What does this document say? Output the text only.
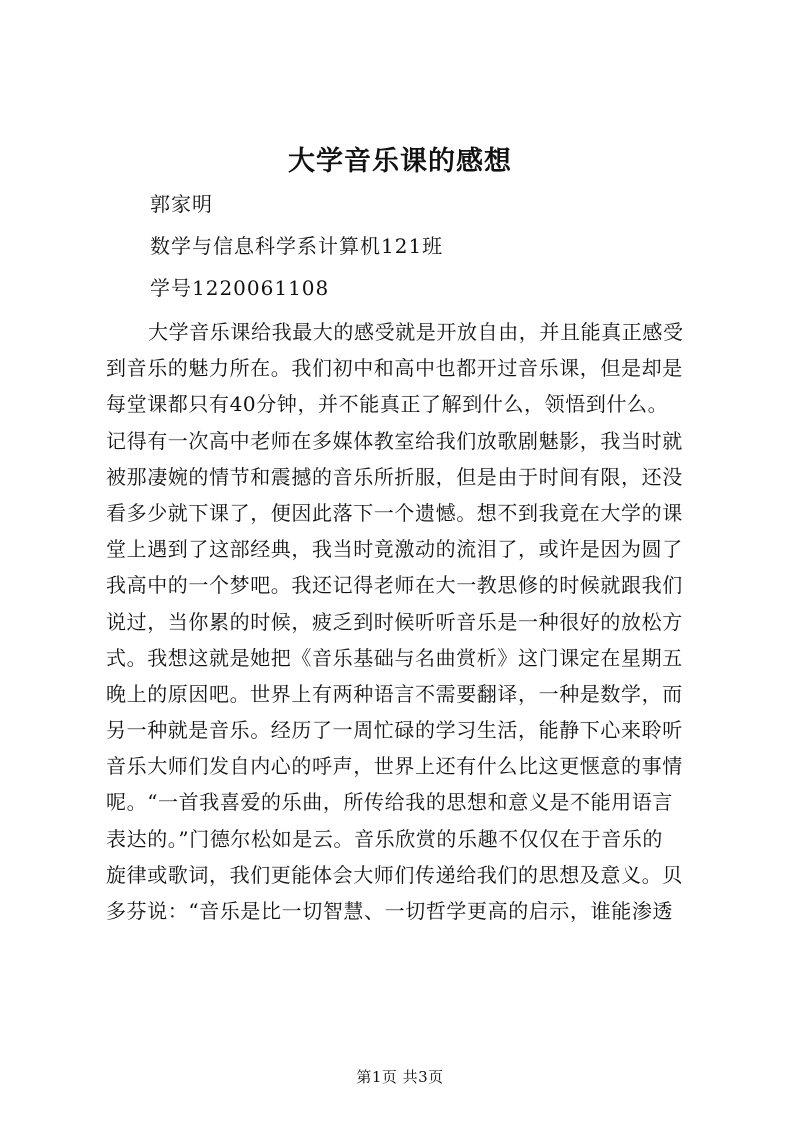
大学音乐课的感想
郭家明
数学与信息科学系计算机121班
学号1220061108
大学音乐课给我最大的感受就是开放自由，并且能真正感受
到音乐的魅力所在。我们初中和高中也都开过音乐课，但是却是
每堂课都只有40分钟，并不能真正了解到什么，领悟到什么。
记得有一次高中老师在多媒体教室给我们放歌剧魅影，我当时就
被那凄婉的情节和震撼的音乐所折服，但是由于时间有限，还没
看多少就下课了，便因此落下一个遗憾。想不到我竟在大学的课
堂上遇到了这部经典，我当时竟激动的流泪了，或许是因为圆了
我高中的一个梦吧。我还记得老师在大一教思修的时候就跟我们
说过，当你累的时候，疲乏到时候听听音乐是一种很好的放松方
式。我想这就是她把《音乐基础与名曲赏析》这门课定在星期五
晚上的原因吧。世界上有两种语言不需要翻译，一种是数学，而
另一种就是音乐。经历了一周忙碌的学习生活，能静下心来聆听
音乐大师们发自内心的呼声，世界上还有什么比这更惬意的事情
呢。“一首我喜爱的乐曲，所传给我的思想和意义是不能用语言
表达的。”门德尔松如是云。音乐欣赏的乐趣不仅仅在于音乐的
旋律或歌词，我们更能体会大师们传递给我们的思想及意义。贝
多芬说：“音乐是比一切智慧、一切哲学更高的启示，谁能渗透
第1页 共3页
